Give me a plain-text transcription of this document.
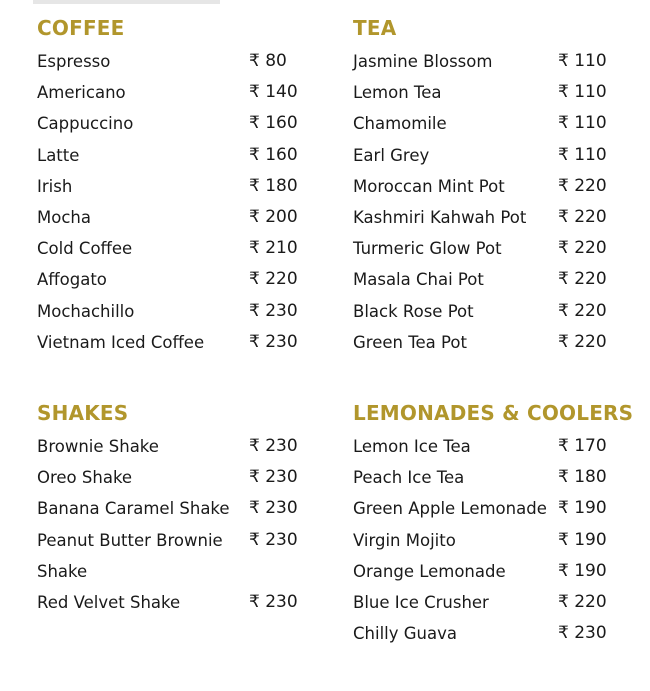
COFFEE
Espresso	₹ 80
Americano	₹ 140
Cappuccino	₹ 160
Latte	₹ 160
Irish	₹ 180
Mocha	₹ 200
Cold Coffee	₹ 210
Affogato	₹ 220
Mochachillo	₹ 230
Vietnam Iced Coffee	₹ 230
TEA
Jasmine Blossom	₹ 110
Lemon Tea	₹ 110
Chamomile	₹ 110
Earl Grey	₹ 110
Moroccan Mint Pot	₹ 220
Kashmiri Kahwah Pot	₹ 220
Turmeric Glow Pot	₹ 220
Masala Chai Pot	₹ 220
Black Rose Pot	₹ 220
Green Tea Pot	₹ 220
SHAKES
Brownie Shake	₹ 230
Oreo Shake	₹ 230
Banana Caramel Shake	₹ 230
Peanut Butter Brownie Shake
₹ 230
Red Velvet Shake	₹ 230
LEMONADES & COOLERS
Lemon Ice Tea	₹ 170
Peach Ice Tea	₹ 180
Green Apple Lemonade ₹ 190
Virgin Mojito	₹ 190
Orange Lemonade	₹ 190
Blue Ice Crusher	₹ 220
Chilly Guava	₹ 230
